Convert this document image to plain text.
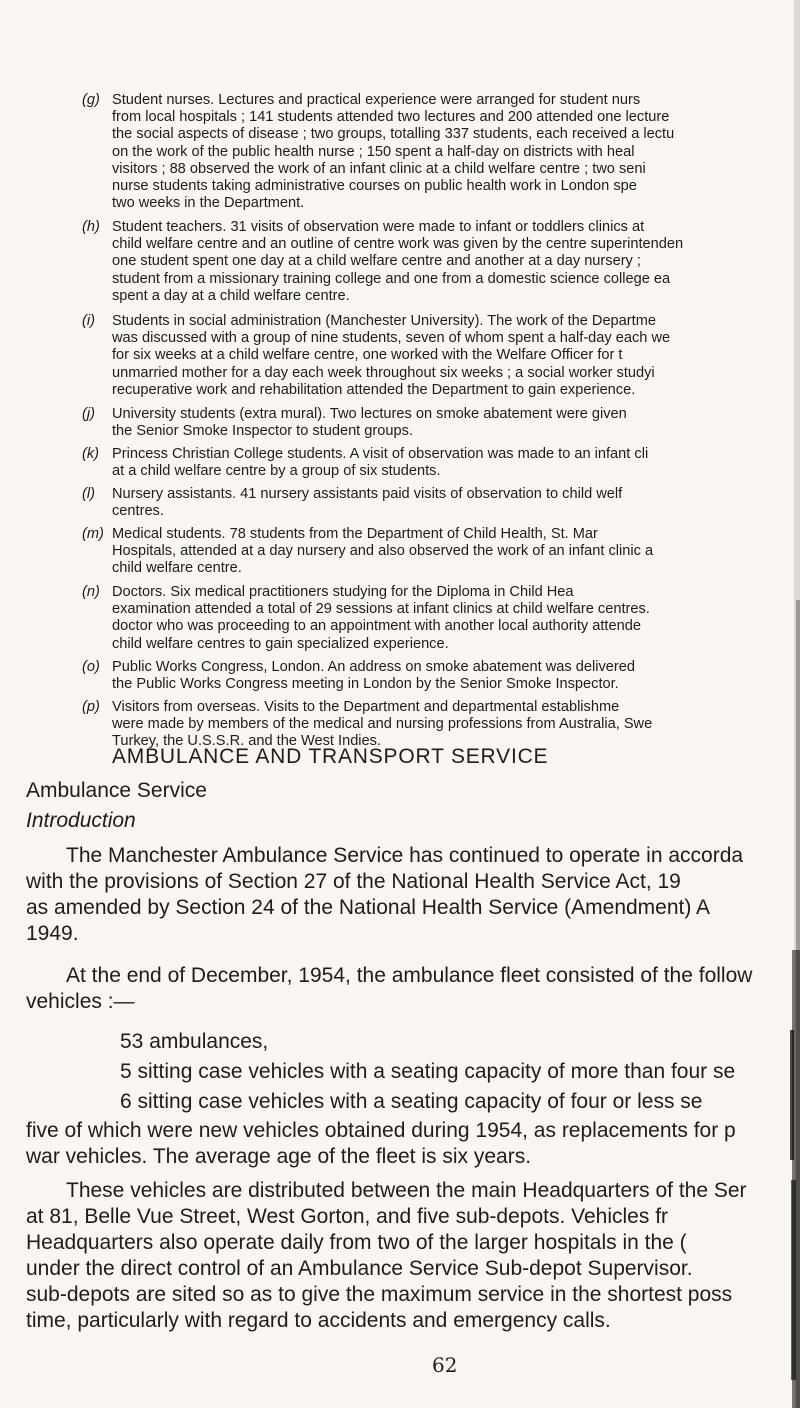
(g) Student nurses. Lectures and practical experience were arranged for student nurs
from local hospitals ; 141 students attended two lectures and 200 attended one lecture
the social aspects of disease ; two groups, totalling 337 students, each received a lectu
on the work of the public health nurse ; 150 spent a half-day on districts with heal
visitors ; 88 observed the work of an infant clinic at a child welfare centre ; two seni
nurse students taking administrative courses on public health work in London spe
two weeks in the Department.
(h) Student teachers. 31 visits of observation were made to infant or toddlers clinics at
child welfare centre and an outline of centre work was given by the centre superintenden
one student spent one day at a child welfare centre and another at a day nursery ;
student from a missionary training college and one from a domestic science college ea
spent a day at a child welfare centre.
(i) Students in social administration (Manchester University). The work of the Departme
was discussed with a group of nine students, seven of whom spent a half-day each we
for six weeks at a child welfare centre, one worked with the Welfare Officer for t
unmarried mother for a day each week throughout six weeks ; a social worker studyi
recuperative work and rehabilitation attended the Department to gain experience.
(j) University students (extra mural). Two lectures on smoke abatement were given
the Senior Smoke Inspector to student groups.
(k) Princess Christian College students. A visit of observation was made to an infant cli
at a child welfare centre by a group of six students.
(l) Nursery assistants. 41 nursery assistants paid visits of observation to child welf
centres.
(m) Medical students. 78 students from the Department of Child Health, St. Mar
Hospitals, attended at a day nursery and also observed the work of an infant clinic a
child welfare centre.
(n) Doctors. Six medical practitioners studying for the Diploma in Child Hea
examination attended a total of 29 sessions at infant clinics at child welfare centres.
doctor who was proceeding to an appointment with another local authority attende
child welfare centres to gain specialized experience.
(o) Public Works Congress, London. An address on smoke abatement was delivered
the Public Works Congress meeting in London by the Senior Smoke Inspector.
(p) Visitors from overseas. Visits to the Department and departmental establishme
were made by members of the medical and nursing professions from Australia, Swe
Turkey, the U.S.S.R. and the West Indies.
AMBULANCE AND TRANSPORT SERVICE
Ambulance Service
Introduction
The Manchester Ambulance Service has continued to operate in accorda
with the provisions of Section 27 of the National Health Service Act, 19
as amended by Section 24 of the National Health Service (Amendment) A
1949.
At the end of December, 1954, the ambulance fleet consisted of the follow
vehicles :—
53 ambulances,
5 sitting case vehicles with a seating capacity of more than four se
6 sitting case vehicles with a seating capacity of four or less se
five of which were new vehicles obtained during 1954, as replacements for p
war vehicles. The average age of the fleet is six years.
These vehicles are distributed between the main Headquarters of the Ser
at 81, Belle Vue Street, West Gorton, and five sub-depots. Vehicles fr
Headquarters also operate daily from two of the larger hospitals in the (
under the direct control of an Ambulance Service Sub-depot Supervisor.
sub-depots are sited so as to give the maximum service in the shortest poss
time, particularly with regard to accidents and emergency calls.
62
